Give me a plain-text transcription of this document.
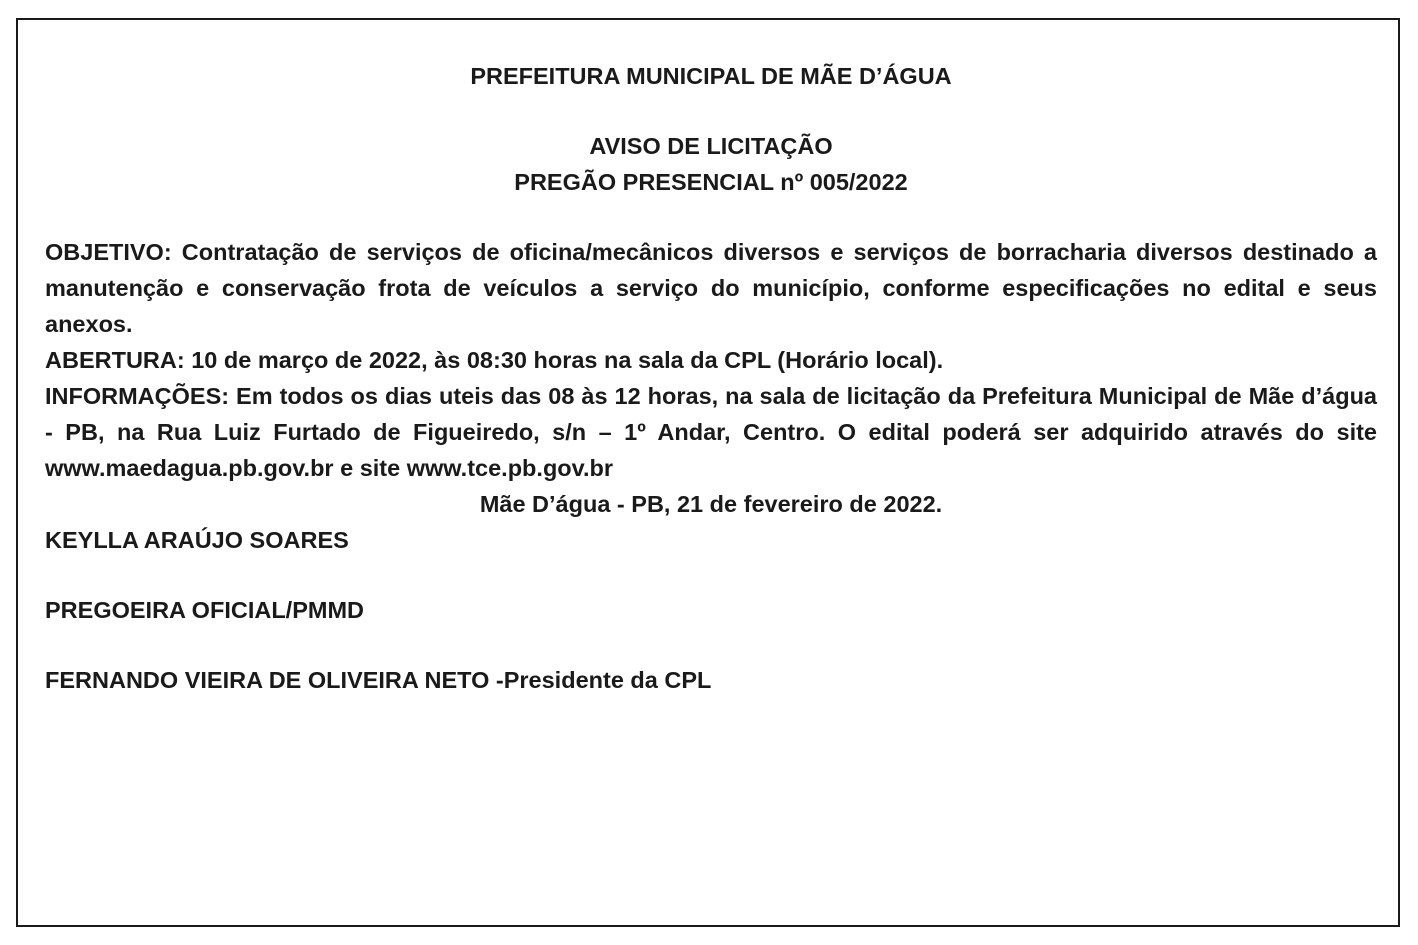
PREFEITURA MUNICIPAL DE MÃE D’ÁGUA
AVISO DE LICITAÇÃO
PREGÃO PRESENCIAL nº 005/2022
OBJETIVO: Contratação de serviços de oficina/mecânicos diversos e serviços de borracharia diversos destinado a manutenção e conservação frota de veículos a serviço do município, conforme especificações no edital e seus anexos.
ABERTURA: 10 de março de 2022, às 08:30 horas na sala da CPL (Horário local).
INFORMAÇÕES: Em todos os dias uteis das 08 às 12 horas, na sala de licitação da Prefeitura Municipal de Mãe d’água - PB, na Rua Luiz Furtado de Figueiredo, s/n – 1º Andar, Centro. O edital poderá ser adquirido através do site www.maedagua.pb.gov.br e site www.tce.pb.gov.br
Mãe D’água - PB, 21 de fevereiro de 2022.
KEYLLA ARAÚJO SOARES
PREGOEIRA OFICIAL/PMMD
FERNANDO VIEIRA DE OLIVEIRA NETO -Presidente da CPL
